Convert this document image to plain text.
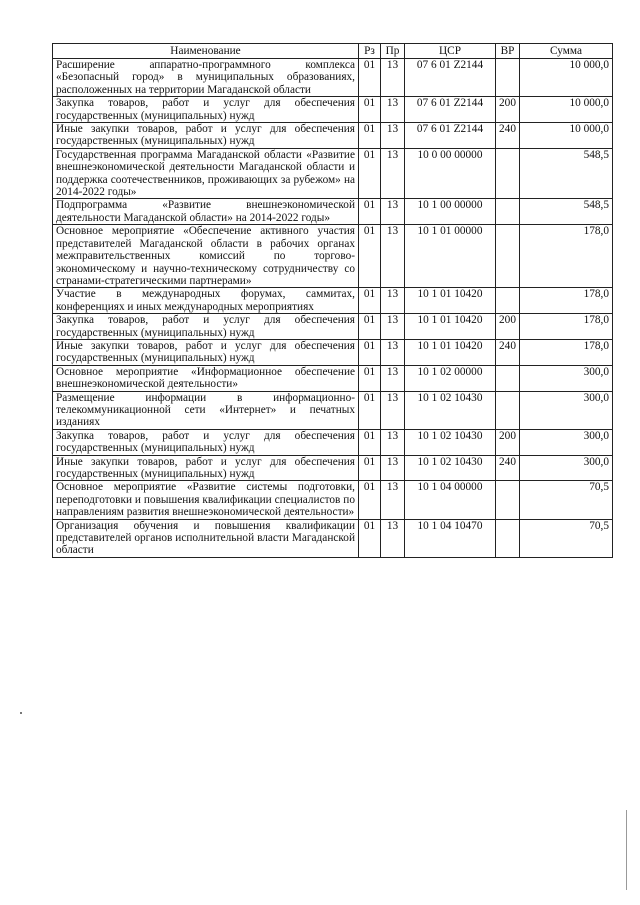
Наименование	Рз	Пр	ЦСР	ВР	Сумма
Расширение аппаратно-программного комплекса «Безопасный город» в муниципальных образованиях, расположенных на территории Магаданской области	01	13	07 6 01 Z2144		10 000,0
Закупка товаров, работ и услуг для обеспечения государственных (муниципальных) нужд	01	13	07 6 01 Z2144	200	10 000,0
Иные закупки товаров, работ и услуг для обеспечения государственных (муниципальных) нужд	01	13	07 6 01 Z2144	240	10 000,0
Государственная программа Магаданской области «Развитие внешнеэкономической деятельности Магаданской области и поддержка соотечественников, проживающих за рубежом» на 2014-2022 годы»	01	13	10 0 00 00000		548,5
Подпрограмма «Развитие внешнеэкономической деятельности Магаданской области» на 2014-2022 годы»	01	13	10 1 00 00000		548,5
Основное мероприятие «Обеспечение активного участия представителей Магаданской области в рабочих органах межправительственных комиссий по торгово-экономическому и научно-техническому сотрудничеству со странами-стратегическими партнерами»	01	13	10 1 01 00000		178,0
Участие в международных форумах, саммитах, конференциях и иных международных мероприятиях	01	13	10 1 01 10420		178,0
Закупка товаров, работ и услуг для обеспечения государственных (муниципальных) нужд	01	13	10 1 01 10420	200	178,0
Иные закупки товаров, работ и услуг для обеспечения государственных (муниципальных) нужд	01	13	10 1 01 10420	240	178,0
Основное мероприятие «Информационное обеспечение внешнеэкономической деятельности»	01	13	10 1 02 00000		300,0
Размещение информации в информационно-телекоммуникационной сети «Интернет» и печатных изданиях	01	13	10 1 02 10430		300,0
Закупка товаров, работ и услуг для обеспечения государственных (муниципальных) нужд	01	13	10 1 02 10430	200	300,0
Иные закупки товаров, работ и услуг для обеспечения государственных (муниципальных) нужд	01	13	10 1 02 10430	240	300,0
Основное мероприятие «Развитие системы подготовки, переподготовки и повышения квалификации специалистов по направлениям развития внешнеэкономической деятельности»	01	13	10 1 04 00000		70,5
Организация обучения и повышения квалификации представителей органов исполнительной власти Магаданской области	01	13	10 1 04 10470		70,5
